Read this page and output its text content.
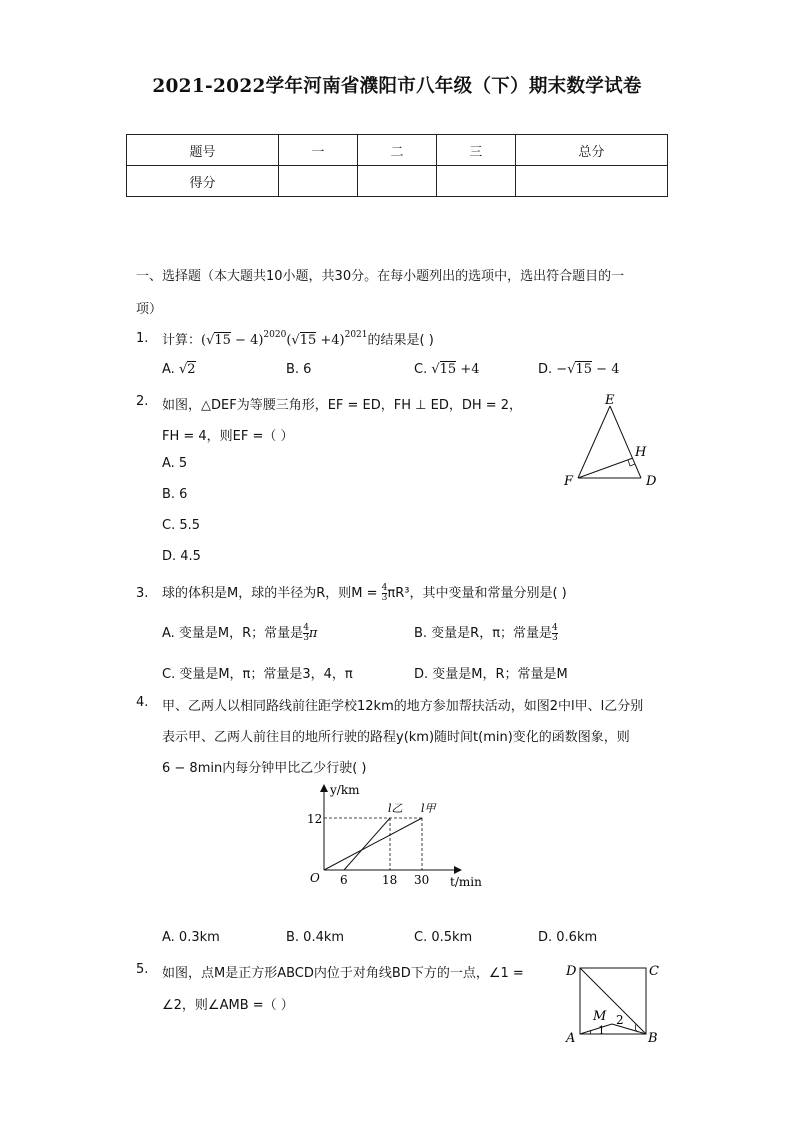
2021-2022学年河南省濮阳市八年级（下）期末数学试卷
题号	一	二	三	总分
得分				
一、选择题（本大题共10小题，共30分。在每小题列出的选项中，选出符合题目的一
项）
1. 计算：$(√15 - 4)^{2020}(√15 +4)^{2021}$的结果是( )
A. √2	B. 6	C. √15 +4	D. −√15 − 4
2. 如图，△DEF为等腰三角形，EF = ED，FH ⊥ ED，DH = 2，
FH = 4，则EF =（ ）
A. 5
B. 6
C. 5.5
D. 4.5
E
H
F	D
3. 球的体积是M，球的半径为R，则$M = \frac{4}{3} \pi R^3$，其中变量和常量分别是( )
A. 变量是M，R；常量是 $\frac{4}{3}$ π	B. 变量是R，π；常量是 $\frac{4}{3}$
C. 变量是M，π；常量是3，4，π	D. 变量是M，R；常量是M
4. 甲、乙两人以相同路线前往距学校12km的地方参加帮扶活动，如图2中l甲、l乙分别
表示甲、乙两人前往目的地所行驶的路程y(km)随时间t(min)变化的函数图象，则
6 − 8min内每分钟甲比乙少行驶( )
y/km
t/min
O
12
6	18 30
l乙 l甲
A. 0.3km	B. 0.4km	C. 0.5km	D. 0.6km
5. 如图，点M是正方形ABCD内位于对角线BD下方的一点，∠1 =
∠2，则∠AMB =（ ）
D	C
M 2
1
A	B
